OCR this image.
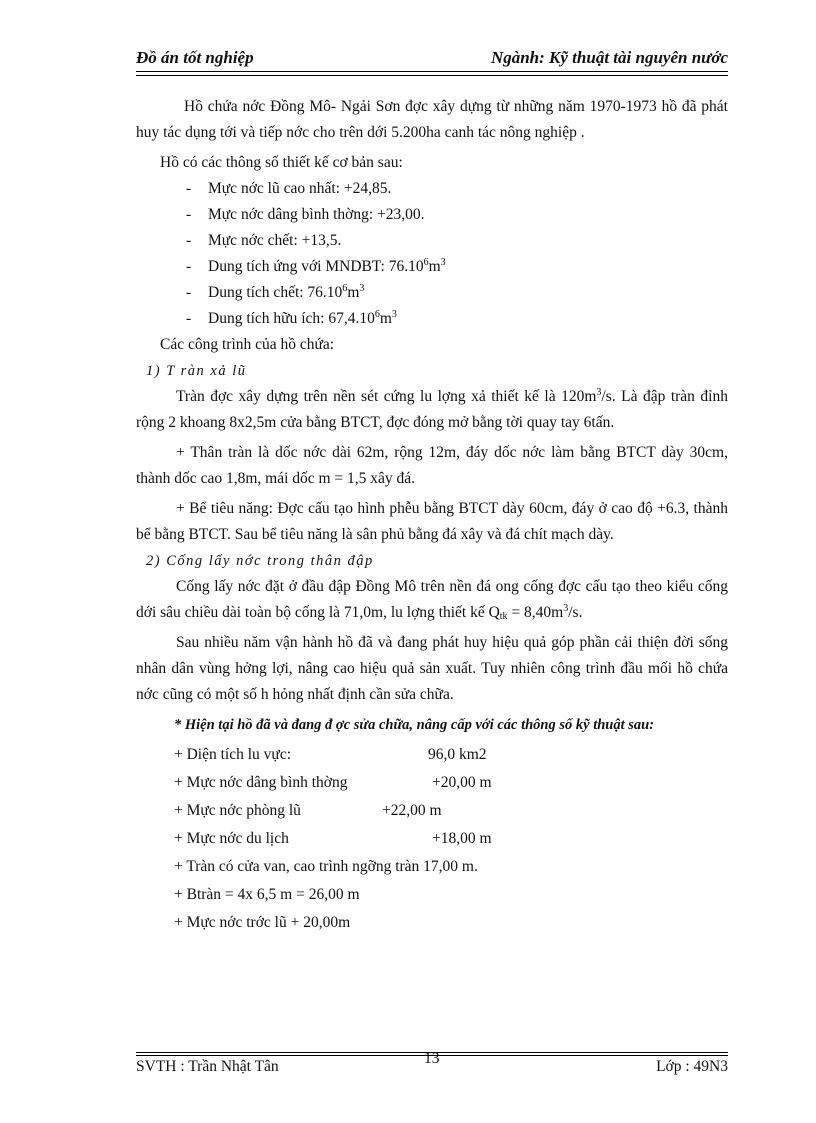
Đồ án tốt nghiệp	Ngành: Kỹ thuật tài nguyên nước

Hồ chứa nớc Đồng Mô- Ngải Sơn đợc xây dựng từ những năm 1970-1973 hồ đã phát huy tác dụng tới và tiếp nớc cho trên dới 5.200ha canh tác nông nghiệp .

Hồ có các thông số thiết kế cơ bản sau:

- Mực nớc lũ cao nhất: +24,85.
- Mực nớc dâng bình thờng: +23,00.
- Mực nớc chết: +13,5.
- Dung tích ứng với MNDBT: $76.10^6m^3$
- Dung tích chết: $76.10^6m^3$
- Dung tích hữu ích: $67,4.10^6m^3$

Các công trình của hồ chứa:

1) T ràn xả lũ

Tràn đợc xây dựng trên nền sét cứng lu lợng xả thiết kế là $120m^3/s$. Là đập tràn đỉnh rộng 2 khoang 8x2,5m cửa bằng BTCT, đợc đóng mở bằng tời quay tay 6tấn.

+ Thân tràn là dốc nớc dài 62m, rộng 12m, đáy dốc nớc làm bằng BTCT dày 30cm, thành dốc cao 1,8m, mái dốc m = 1,5 xây đá.

+ Bể tiêu năng: Đợc cấu tạo hình phễu bằng BTCT dày 60cm, đáy ở cao độ +6.3, thành bể bằng BTCT. Sau bể tiêu năng là sân phủ bằng đá xây và đá chít mạch dày.

2) Cống lấy nớc trong thân đập

Cống lấy nớc đặt ở đầu đập Đồng Mô trên nền đá ong cống đợc cấu tạo theo kiểu cống dới sâu chiều dài toàn bộ cống là 71,0m, lu lợng thiết kế $Q_{tk} = 8,40m^3/s$.

Sau nhiều năm vận hành hồ đã và đang phát huy hiệu quả góp phần cải thiện đời sống nhân dân vùng hởng lợi, nâng cao hiệu quả sản xuất. Tuy nhiên công trình đầu mối hồ chứa nớc cũng có một số h hỏng nhất định cần sửa chữa.

* Hiện tại hồ đã và đang đ ợc sửa chữa, nâng cấp với các thông số kỹ thuật sau:

+ Diện tích lu vực:	96,0 km2
+ Mực nớc dâng bình thờng	+20,00 m
+ Mực nớc phòng lũ	+22,00 m
+ Mực nớc du lịch	+18,00 m
+ Tràn có cửa van, cao trình ngỡng tràn 17,00 m.
+ Btràn = 4x 6,5 m = 26,00 m
+ Mực nớc trớc lũ + 20,00m
SVTH : Trần Nhật Tân	13	Lớp : 49N3
